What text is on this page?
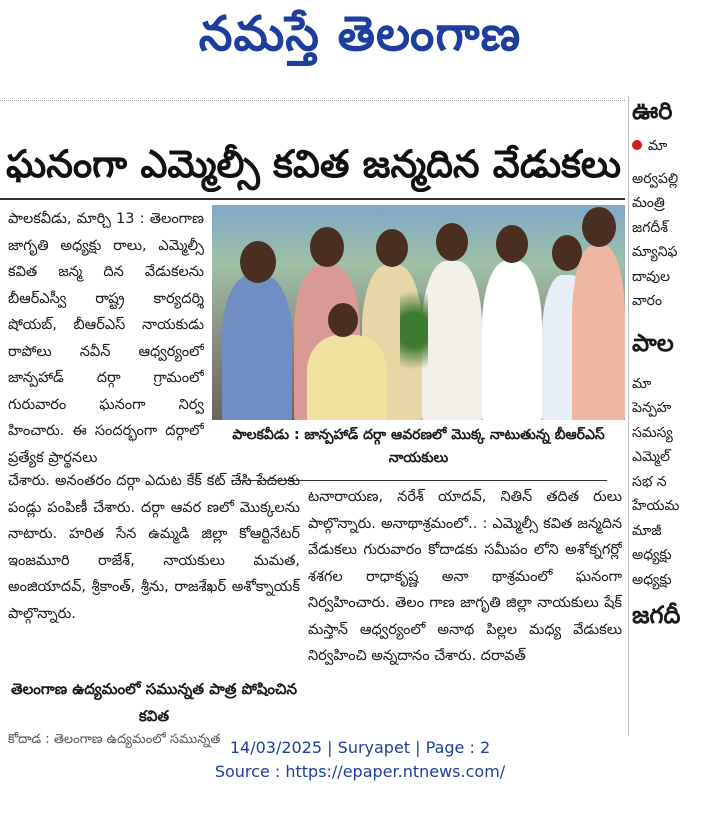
నమస్తే తెలంగాణ
ఘనంగా ఎమ్మెల్సీ కవిత జన్మదిన వేడుకలు

పాలకవీడు, మార్చి 13 : తెలంగాణ జాగృతి అధ్యక్షు రాలు, ఎమ్మెల్సీ కవిత జన్మ దిన వేడుకలను బీఆర్ఎస్వీ రాష్ట్ర కార్యదర్శి షోయబ్, బీఆర్ఎస్ నాయకుడు రాపోలు నవీన్ ఆధ్వర్యంలో జాన్పహాడ్ దర్గా గ్రామంలో గురువారం ఘనంగా నిర్వ హించారు. ఈ సందర్భంగా దర్గాలో ప్రత్యేక ప్రార్థనలు

పాలకవీడు : జాన్పహాడ్ దర్గా ఆవరణలో మొక్క నాటుతున్న బీఆర్ఎస్ నాయకులు

చేశారు. అనంతరం దర్గా ఎదుట కేక్ కట్ చేసి పేదలకు పండ్లు పంపిణీ చేశారు. దర్గా ఆవర ణలో మొక్కలను నాటారు. హరిత సేన ఉమ్మడి జిల్లా కోఆర్టినేటర్ ఇంజమూరి రాజేశ్, నాయకులు మమత, అంజియాదవ్, శ్రీకాంత్, శ్రీను, రాజశేఖర్ అశోక్నాయక్ పాల్గొన్నారు.

తెలంగాణ ఉద్యమంలో సమున్నత పాత్ర పోషించిన కవిత
కోదాడ : తెలంగాణ ఉద్యమంలో సమున్నత

టనారాయణ, నరేశ్ యాదవ్, నితిన్ తదిత రులు పాల్గొన్నారు. అనాథాశ్రమంలో.. : ఎమ్మెల్సీ కవిత జన్మదిన వేడుకలు గురువారం కోదాడకు సమీపం లోని అశోక్నగర్లో శశగల రాధాకృష్ణ అనా థాశ్రమంలో ఘనంగా నిర్వహించారు. తెలం గాణ జాగృతి జిల్లా నాయకులు షేక్ మస్తాన్ ఆధ్వర్యంలో అనాథ పిల్లల మధ్య వేడుకలు నిర్వహించి అన్నదానం చేశారు. దరావత్

ఊరి
మా
అర్వపల్లి
మంత్రి
జగదీశ్
మ్యానిఫ
దావుల
వారం
పాల
మా
పెన్పహ
సమస్య
ఎమ్మెల్
సభ న
హేయమ
మాజీ
అధ్యక్షు
అధ్యక్షు
జగదీ
14/03/2025 | Suryapet | Page : 2
Source : https://epaper.ntnews.com/
